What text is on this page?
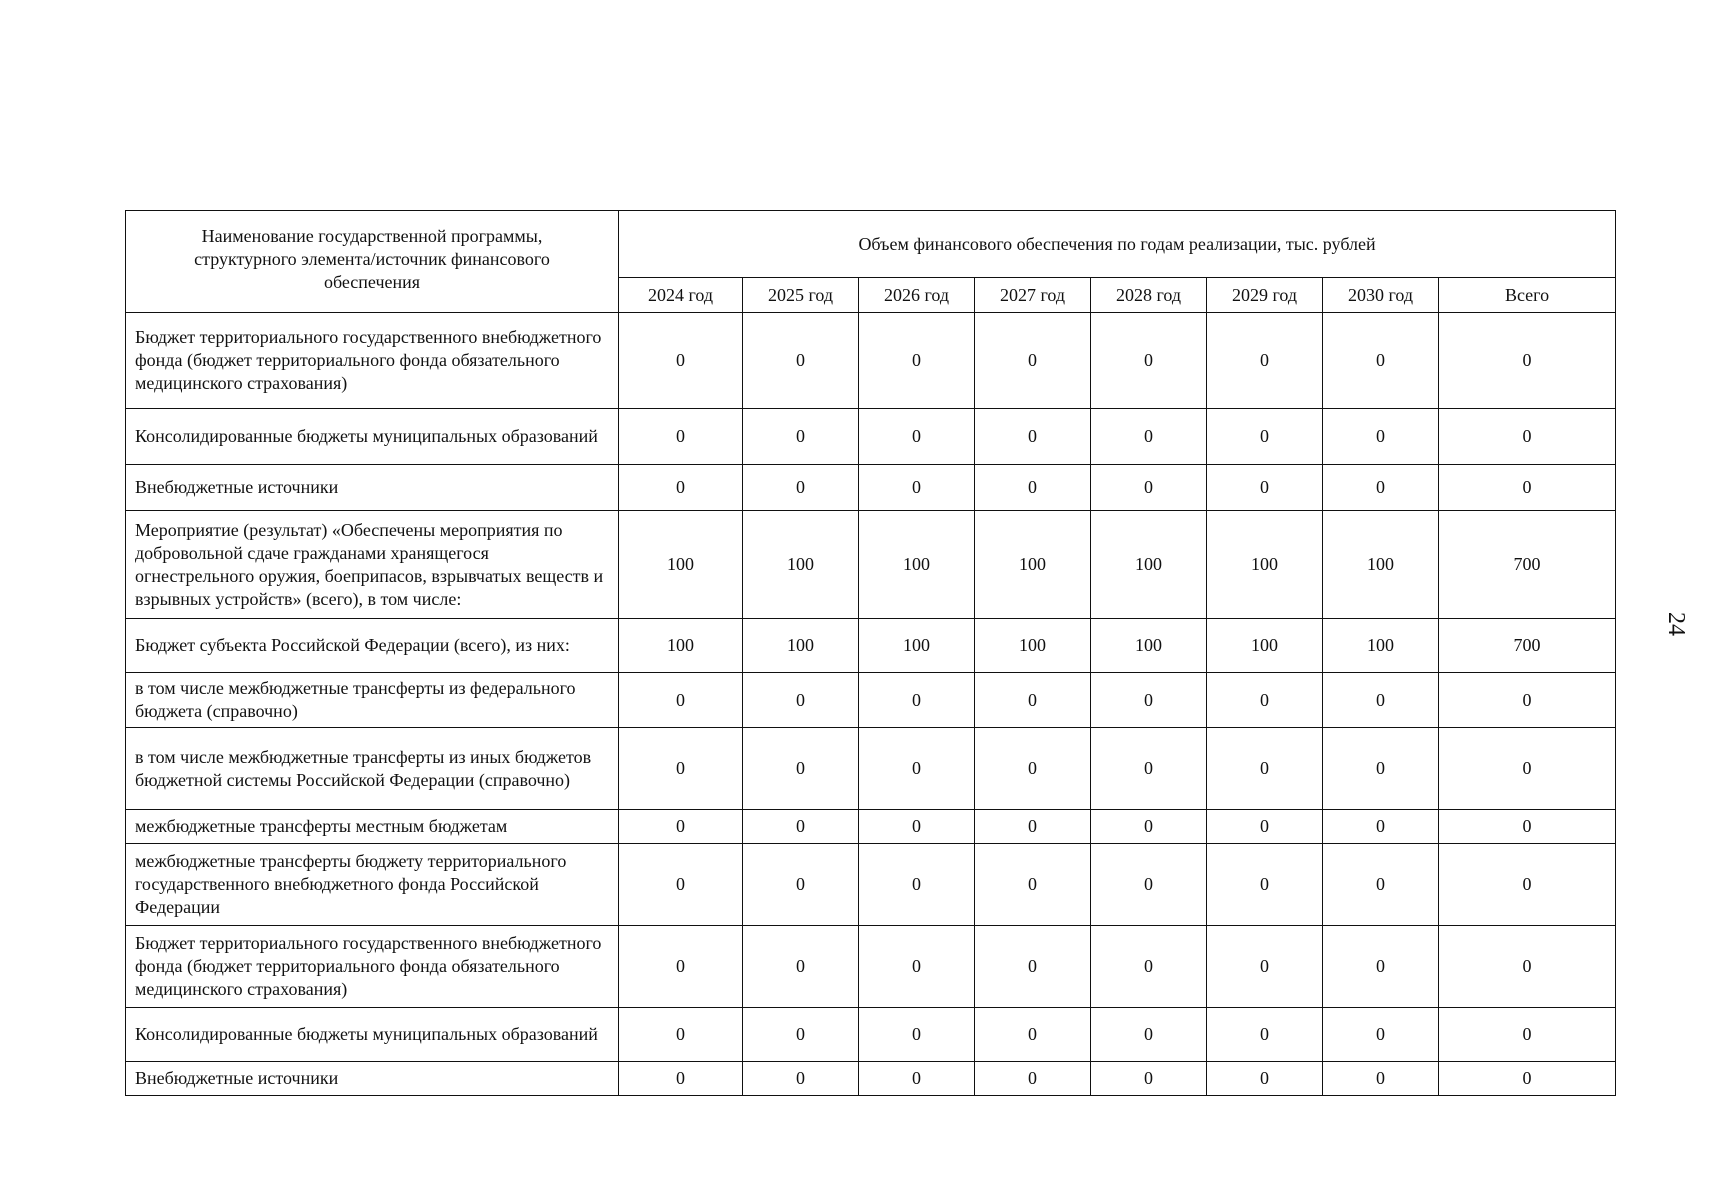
Наименование государственной программы, структурного элемента/источник финансового обеспечения	Объем финансового обеспечения по годам реализации, тыс. рублей							
	2024 год	2025 год	2026 год	2027 год	2028 год	2029 год	2030 год	Всего
Бюджет территориального государственного внебюджетного фонда (бюджет территориального фонда обязательного медицинского страхования)	0	0	0	0	0	0	0	0
Консолидированные бюджеты муниципальных образований	0	0	0	0	0	0	0	0
Внебюджетные источники	0	0	0	0	0	0	0	0
Мероприятие (результат) «Обеспечены мероприятия по добровольной сдаче гражданами хранящегося огнестрельного оружия, боеприпасов, взрывчатых веществ и взрывных устройств» (всего), в том числе:	100	100	100	100	100	100	100	700
Бюджет субъекта Российской Федерации (всего), из них:	100	100	100	100	100	100	100	700
в том числе межбюджетные трансферты из федерального бюджета (справочно)	0	0	0	0	0	0	0	0
в том числе межбюджетные трансферты из иных бюджетов бюджетной системы Российской Федерации (справочно)	0	0	0	0	0	0	0	0
межбюджетные трансферты местным бюджетам	0	0	0	0	0	0	0	0
межбюджетные трансферты бюджету территориального государственного внебюджетного фонда Российской Федерации	0	0	0	0	0	0	0	0
Бюджет территориального государственного внебюджетного фонда (бюджет территориального фонда обязательного медицинского страхования)	0	0	0	0	0	0	0	0
Консолидированные бюджеты муниципальных образований	0	0	0	0	0	0	0	0
Внебюджетные источники	0	0	0	0	0	0	0	0
24
